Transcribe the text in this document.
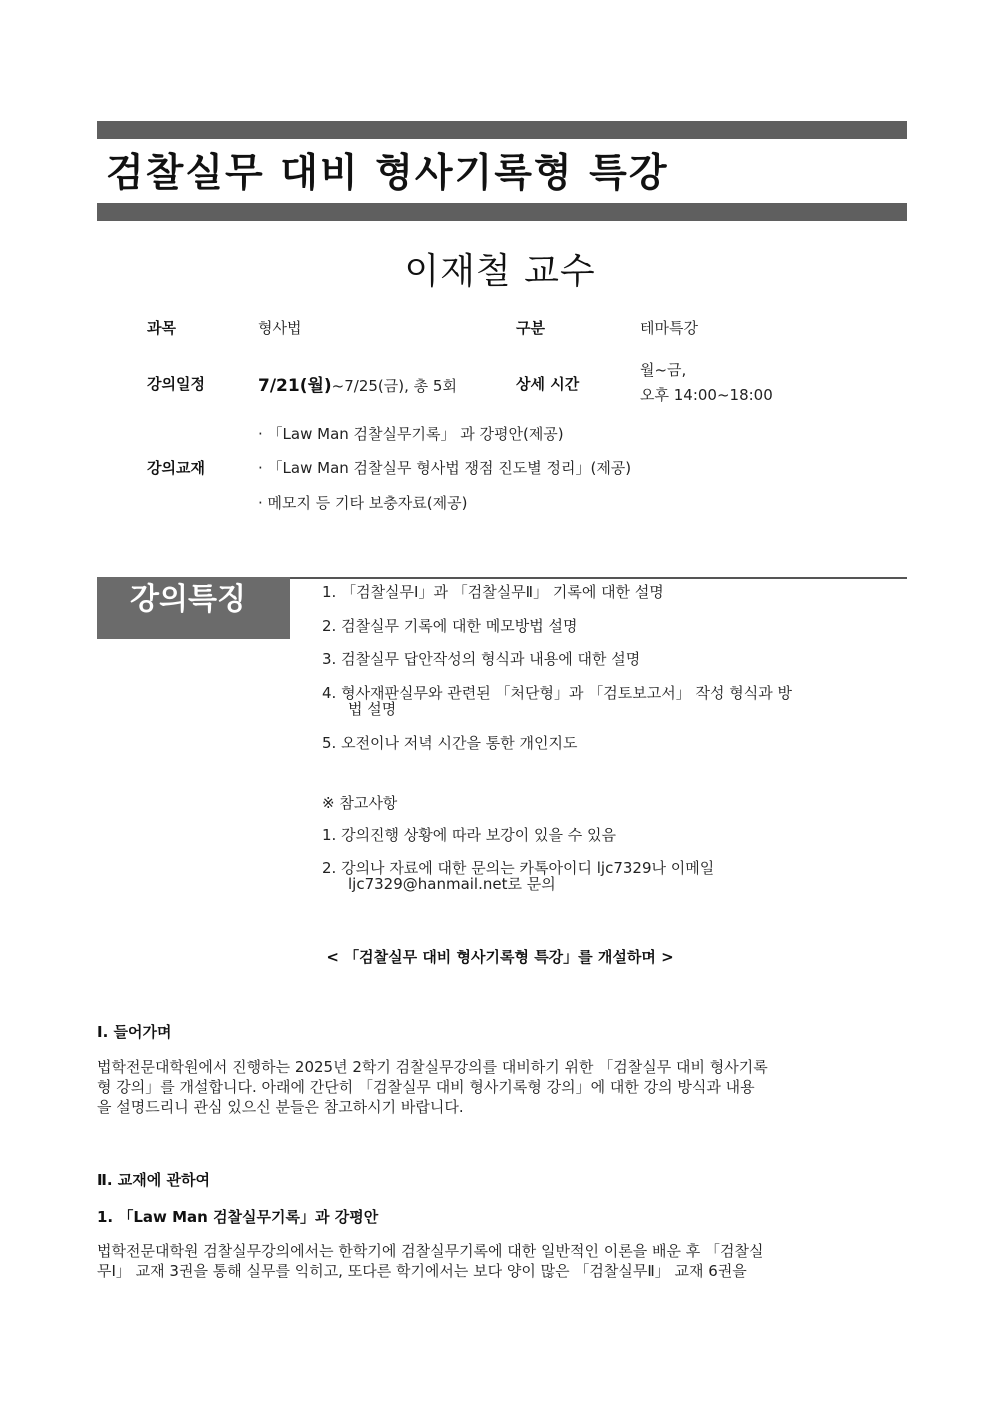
검찰실무 대비 형사기록형 특강
이재철 교수
과목	형사법	구분	테마특강
강의일정	7/21(월)~7/25(금), 총 5회	상세 시간
월~금,
오후 14:00~18:00
· 「Law Man 검찰실무기록」 과 강평안(제공)
강의교재	· 「Law Man 검찰실무 형사법 쟁점 진도별 정리」(제공)
· 메모지 등 기타 보충자료(제공)
강의특징	1. 「검찰실무Ⅰ」과 「검찰실무Ⅱ」 기록에 대한 설명
2. 검찰실무 기록에 대한 메모방법 설명
3. 검찰실무 답안작성의 형식과 내용에 대한 설명
4. 형사재판실무와 관련된 「처단형」과 「검토보고서」 작성 형식과 방
법 설명
5. 오전이나 저녁 시간을 통한 개인지도
※ 참고사항
1. 강의진행 상황에 따라 보강이 있을 수 있음
2. 강의나 자료에 대한 문의는 카톡아이디 ljc7329나 이메일
ljc7329@hanmail.net로 문의
< 「검찰실무 대비 형사기록형 특강」를 개설하며 >
Ⅰ. 들어가며
법학전문대학원에서 진행하는 2025년 2학기 검찰실무강의를 대비하기 위한 「검찰실무 대비 형사기록
형 강의」를 개설합니다. 아래에 간단히 「검찰실무 대비 형사기록형 강의」에 대한 강의 방식과 내용
을 설명드리니 관심 있으신 분들은 참고하시기 바랍니다.
Ⅱ. 교재에 관하여
1. 「Law Man 검찰실무기록」과 강평안
법학전문대학원 검찰실무강의에서는 한학기에 검찰실무기록에 대한 일반적인 이론을 배운 후 「검찰실
무Ⅰ」 교재 3권을 통해 실무를 익히고, 또다른 학기에서는 보다 양이 많은 「검찰실무Ⅱ」 교재 6권을
